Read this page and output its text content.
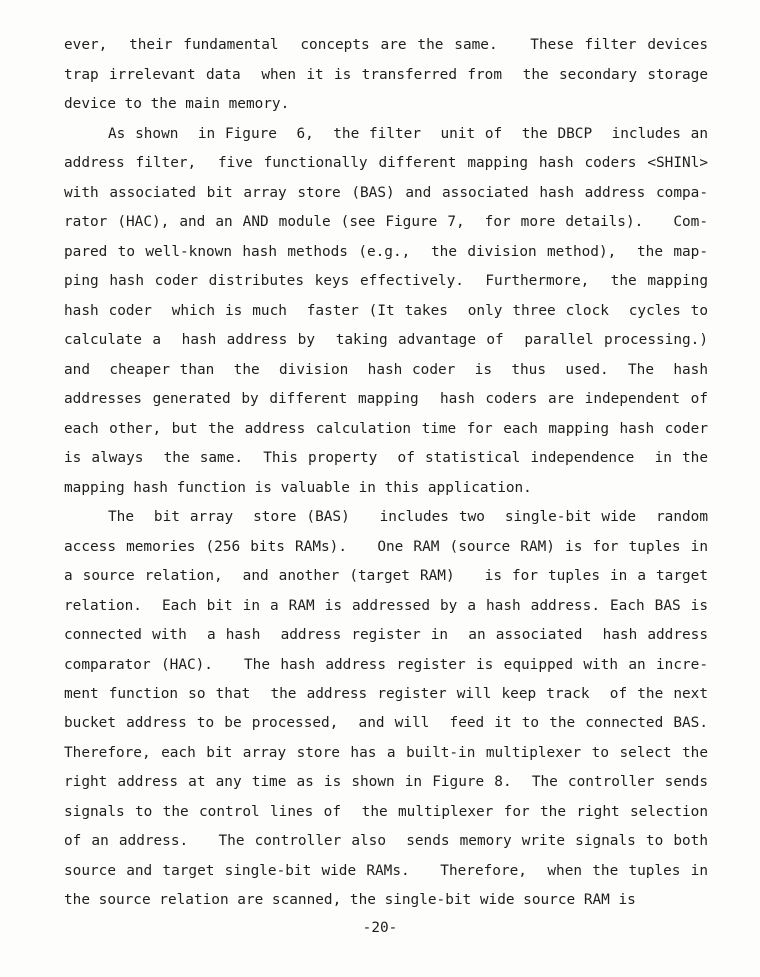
ever,  their fundamental  concepts are the same.   These filter devices
trap irrelevant data  when it is transferred from  the secondary storage
device to the main memory.
As shown  in Figure  6,  the filter  unit of  the DBCP  includes an
address filter,  five functionally different mapping hash coders <SHINl>
with associated bit array store (BAS) and associated hash address compa-
rator (HAC), and an AND module (see Figure 7,  for more details).   Com-
pared to well-known hash methods (e.g.,  the division method),  the map-
ping hash coder distributes keys effectively.  Furthermore,  the mapping
hash coder  which is much  faster (It takes  only three clock  cycles to
calculate a  hash address by  taking advantage of  parallel processing.)
and  cheaper than  the  division  hash coder  is  thus  used.  The  hash
addresses generated by different mapping  hash coders are independent of
each other, but the address calculation time for each mapping hash coder
is always  the same.  This property  of statistical independence  in the
mapping hash function is valuable in this application.
The  bit array  store (BAS)   includes two  single-bit wide  random
access memories (256 bits RAMs).   One RAM (source RAM) is for tuples in
a source relation,  and another (target RAM)   is for tuples in a target
relation.  Each bit in a RAM is addressed by a hash address. Each BAS is
connected with  a hash  address register in  an associated  hash address
comparator (HAC).   The hash address register is equipped with an incre-
ment function so that  the address register will keep track  of the next
bucket address to be processed,  and will  feed it to the connected BAS.
Therefore, each bit array store has a built-in multiplexer to select the
right address at any time as is shown in Figure 8.  The controller sends
signals to the control lines of  the multiplexer for the right selection
of an address.   The controller also  sends memory write signals to both
source and target single-bit wide RAMs.   Therefore,  when the tuples in
the source relation are scanned, the single-bit wide source RAM is
-20-
